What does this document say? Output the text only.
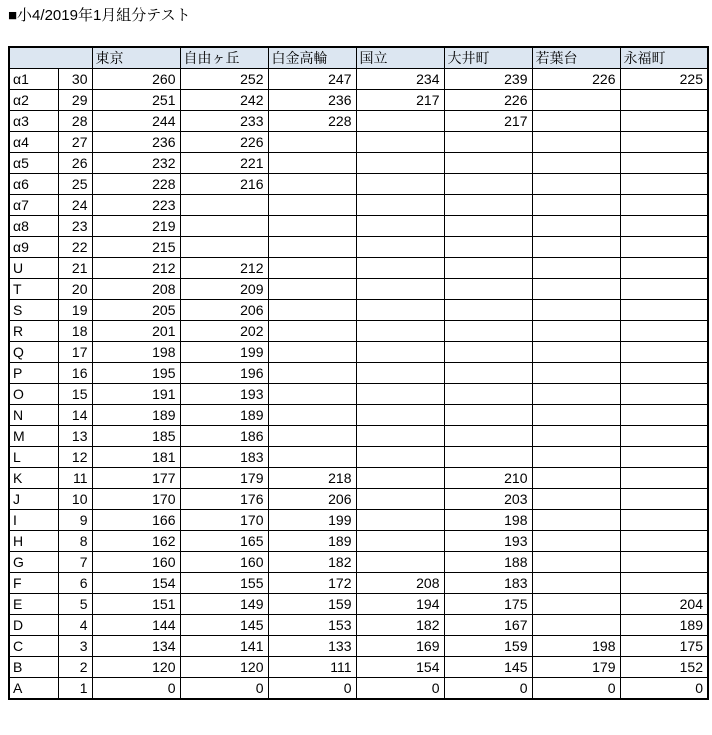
■小4/2019年1月組分テスト
		東京	自由ヶ丘	白金高輪	国立	大井町	若葉台	永福町
α1	30	260	252	247	234	239	226	225
α2	29	251	242	236	217	226		
α3	28	244	233	228		217		
α4	27	236	226					
α5	26	232	221					
α6	25	228	216					
α7	24	223						
α8	23	219						
α9	22	215						
U	21	212	212					
T	20	208	209					
S	19	205	206					
R	18	201	202					
Q	17	198	199					
P	16	195	196					
O	15	191	193					
N	14	189	189					
M	13	185	186					
L	12	181	183					
K	11	177	179	218		210		
J	10	170	176	206		203		
I	9	166	170	199		198		
H	8	162	165	189		193		
G	7	160	160	182		188		
F	6	154	155	172	208	183		
E	5	151	149	159	194	175		204
D	4	144	145	153	182	167		189
C	3	134	141	133	169	159	198	175
B	2	120	120	111	154	145	179	152
A	1	0	0	0	0	0	0	0
